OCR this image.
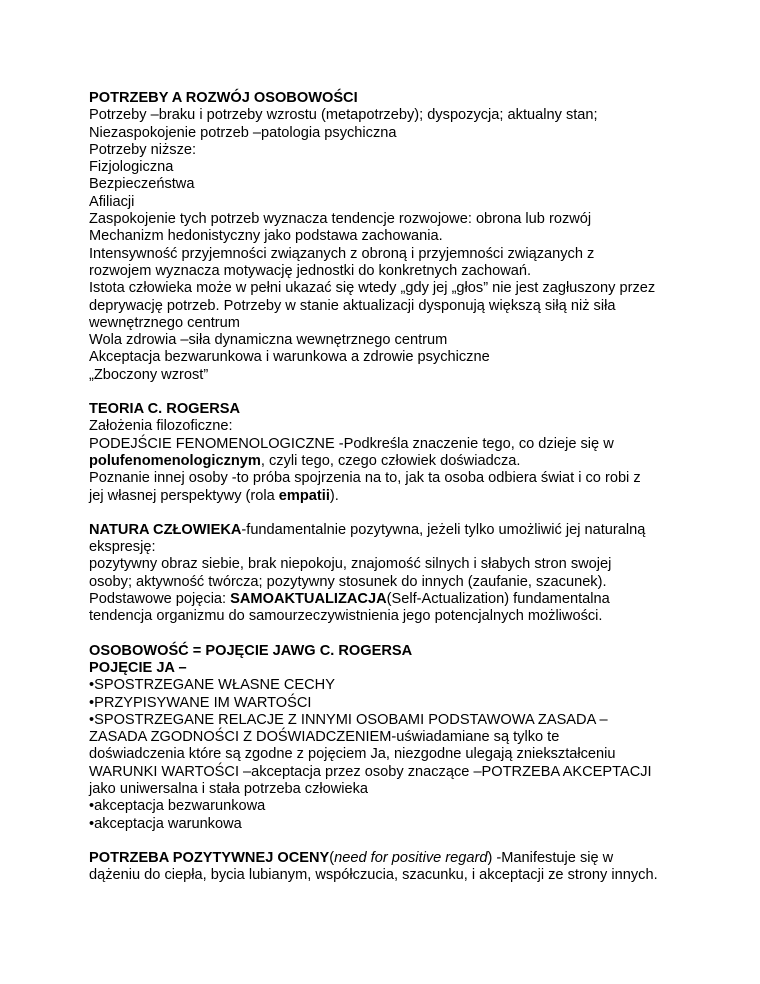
POTRZEBY A ROZWÓJ OSOBOWOŚCI
Potrzeby –braku i potrzeby wzrostu (metapotrzeby); dyspozycja; aktualny stan;
Niezaspokojenie potrzeb –patologia psychiczna
Potrzeby niższe:
Fizjologiczna
Bezpieczeństwa
Afiliacji
Zaspokojenie tych potrzeb wyznacza tendencje rozwojowe: obrona lub rozwój
Mechanizm hedonistyczny jako podstawa zachowania.
Intensywność przyjemności związanych z obroną i przyjemności związanych z
rozwojem wyznacza motywację jednostki do konkretnych zachowań.
Istota człowieka może w pełni ukazać się wtedy „gdy jej „głos” nie jest zagłuszony przez
deprywację potrzeb. Potrzeby w stanie aktualizacji dysponują większą siłą niż siła
wewnętrznego centrum
Wola zdrowia –siła dynamiczna wewnętrznego centrum
Akceptacja bezwarunkowa i warunkowa a zdrowie psychiczne
„Zboczony wzrost”
TEORIA C. ROGERSA
Założenia filozoficzne:
PODEJŚCIE FENOMENOLOGICZNE -Podkreśla znaczenie tego, co dzieje się w
polufenomenologicznym, czyli tego, czego człowiek doświadcza.
Poznanie innej osoby -to próba spojrzenia na to, jak ta osoba odbiera świat i co robi z
jej własnej perspektywy (rola empatii).
NATURA CZŁOWIEKA-fundamentalnie pozytywna, jeżeli tylko umożliwić jej naturalną
ekspresję:
pozytywny obraz siebie, brak niepokoju, znajomość silnych i słabych stron swojej
osoby; aktywność twórcza; pozytywny stosunek do innych (zaufanie, szacunek).
Podstawowe pojęcia: SAMOAKTUALIZACJA(Self-Actualization) fundamentalna
tendencja organizmu do samourzeczywistnienia jego potencjalnych możliwości.
OSOBOWOŚĆ = POJĘCIE JAWG C. ROGERSA
POJĘCIE JA –
•SPOSTRZEGANE WŁASNE CECHY
•PRZYPISYWANE IM WARTOŚCI
•SPOSTRZEGANE RELACJE Z INNYMI OSOBAMI PODSTAWOWA ZASADA –
ZASADA ZGODNOŚCI Z DOŚWIADCZENIEM-uświadamiane są tylko te
doświadczenia które są zgodne z pojęciem Ja, niezgodne ulegają zniekształceniu
WARUNKI WARTOŚCI –akceptacja przez osoby znaczące –POTRZEBA AKCEPTACJI
jako uniwersalna i stała potrzeba człowieka
•akceptacja bezwarunkowa
•akceptacja warunkowa
POTRZEBA POZYTYWNEJ OCENY(need for positive regard) -Manifestuje się w
dążeniu do ciepła, bycia lubianym, współczucia, szacunku, i akceptacji ze strony innych.
